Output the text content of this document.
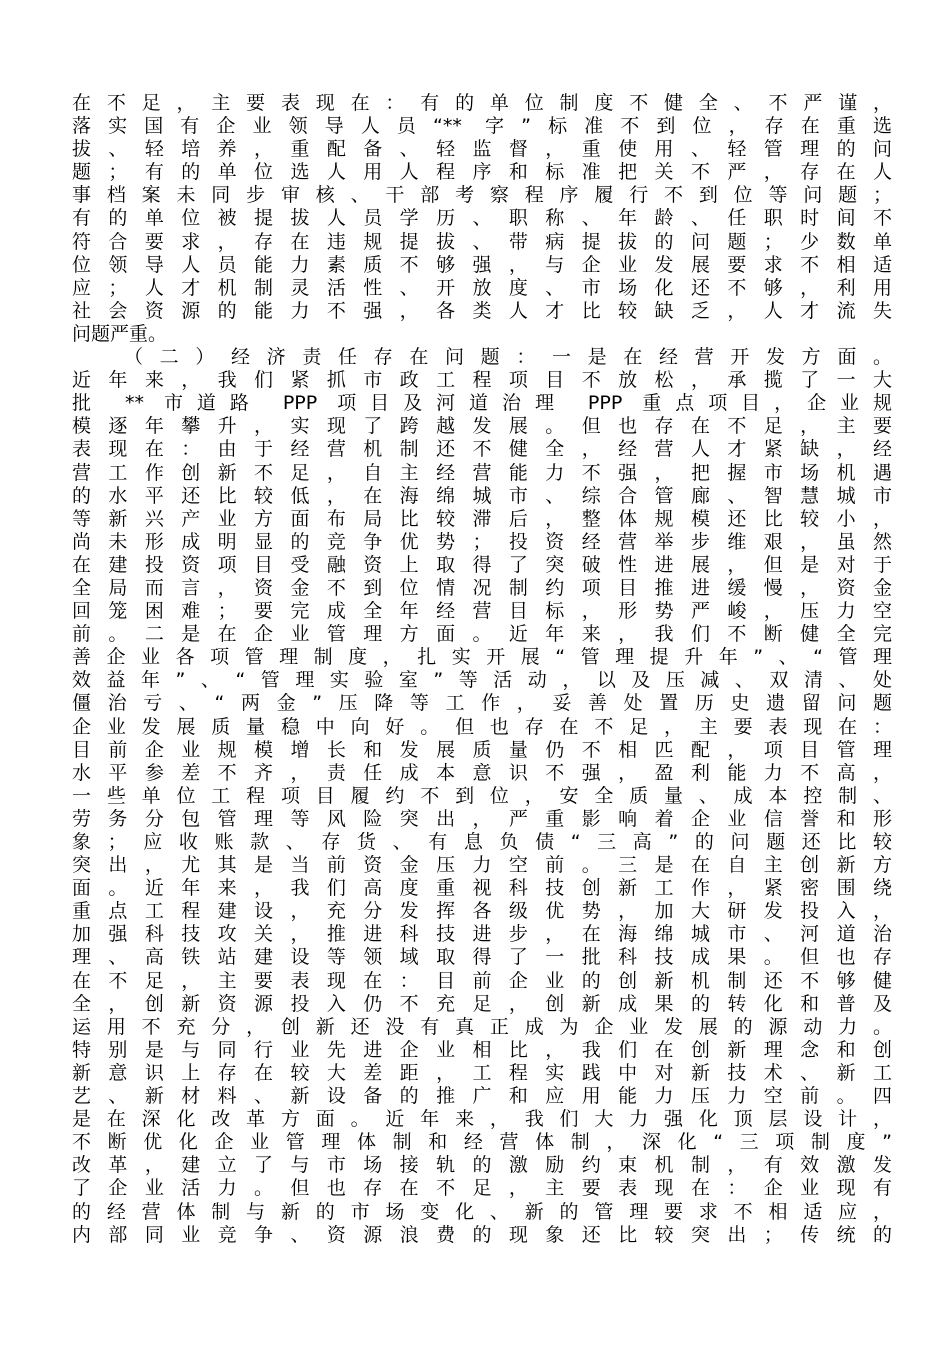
在不足，主要表现在：有的单位制度不健全、不严谨，
落实国有企业领导人员“** 字”标准不到位，存在重选
拔、轻培养，重配备、轻监督，重使用、轻管理的问
题；有的单位选人用人程序和标准把关不严，存在人
事档案未同步审核、干部考察程序履行不到位等问题；
有的单位被提拔人员学历、职称、年龄、任职时间不
符合要求，存在违规提拔、带病提拔的问题；少数单
位领导人员能力素质不够强，与企业发展要求不相适
应；人才机制灵活性、开放度、市场化还不够，利用
社会资源的能力不强，各类人才比较缺乏，人才流失
问题严重。
（二）经济责任存在问题：一是在经营开发方面。
近年来，我们紧抓市政工程项目不放松，承揽了一大
批 ** 市道路 PPP 项目及河道治理 PPP 重点项目，企业规
模逐年攀升，实现了跨越发展。但也存在不足，主要
表现在：由于经营机制还不健全，经营人才紧缺，经
营工作创新不足，自主经营能力不强，把握市场机遇
的水平还比较低，在海绵城市、综合管廊、智慧城市
等新兴产业方面布局比较滞后，整体规模还比较小，
尚未形成明显的竞争优势；投资经营举步维艰，虽然
在建投资项目受融资上取得了突破性进展，但是对于
全局而言，资金不到位情况制约项目推进缓慢，资金
回笼困难；要完成全年经营目标，形势严峻，压力空
前。二是在企业管理方面。近年来，我们不断健全完
善企业各项管理制度，扎实开展“管理提升年”、“管理
效益年”、“管理实验室”等活动，以及压减、双清、处
僵治亏、“两金”压降等工作，妥善处置历史遗留问题
企业发展质量稳中向好。但也存在不足，主要表现在：
目前企业规模增长和发展质量仍不相匹配，项目管理
水平参差不齐，责任成本意识不强，盈利能力不高，
一些单位工程项目履约不到位，安全质量、成本控制、
劳务分包管理等风险突出，严重影响着企业信誉和形
象；应收账款、存货、有息负债“三高”的问题还比较
突出，尤其是当前资金压力空前。三是在自主创新方
面。近年来，我们高度重视科技创新工作，紧密围绕
重点工程建设，充分发挥各级优势，加大研发投入，
加强科技攻关，推进科技进步，在海绵城市、河道治
理、高铁站建设等领域取得了一批科技成果。但也存
在不足，主要表现在：目前企业的创新机制还不够健
全，创新资源投入仍不充足，创新成果的转化和普及
运用不充分，创新还没有真正成为企业发展的源动力。
特别是与同行业先进企业相比，我们在创新理念和创
新意识上存在较大差距，工程实践中对新技术、新工
艺、新材料、新设备的推广和应用能力压力空前。四
是在深化改革方面。近年来，我们大力强化顶层设计，
不断优化企业管理体制和经营体制，深化“三项制度”
改革，建立了与市场接轨的激励约束机制，有效激发
了企业活力。但也存在不足，主要表现在：企业现有
的经营体制与新的市场变化、新的管理要求不相适应，
内部同业竞争、资源浪费的现象还比较突出；传统的
